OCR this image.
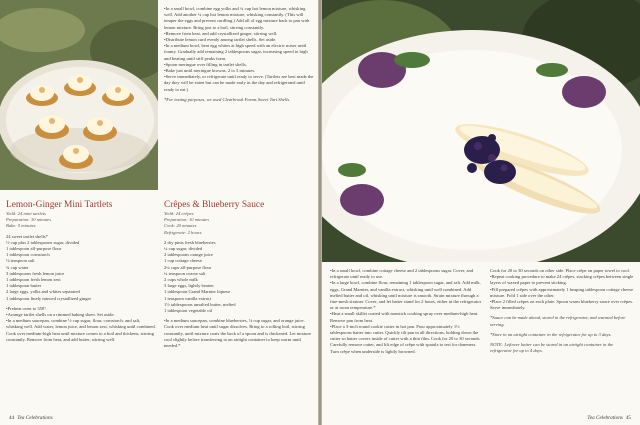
Lemon-Ginger Mini Tartlets

Yield: 24 mini tartlets

Preparation: 30 minutes

Bake: 5 minutes

24 sweet tartlet shells*

½ cup plus 2 tablespoons sugar, divided

1 tablespoon all-purpose flour

1 tablespoon cornstarch

⅛ teaspoon salt

¾ cup water

3 tablespoons fresh lemon juice

1 tablespoon fresh lemon zest

1 tablespoon butter

2 large eggs, yolks and whites separated

1 tablespoon finely minced crystallized ginger

• Preheat oven to 350°.

• Arrange tartlet shells on a rimmed baking sheet. Set aside.

• In a medium saucepan, combine ½ cup sugar, flour, cornstarch, and salt, whisking well. Add water, lemon juice, and lemon zest, whisking until combined. Cook over medium-high heat until mixture comes to a boil and thickens, stirring constantly. Remove from heat, and add butter, stirring well.

• In a small bowl, combine egg yolks and ¼ cup hot lemon mixture, whisking well. Add another ¼ cup hot lemon mixture, whisking constantly. (This will temper the eggs and prevent curdling.) Add all of egg mixture back to pan with lemon mixture. Bring just to a boil, stirring constantly.

• Remove from heat, and add crystallized ginger, stirring well.

• Distribute lemon curd evenly among tartlet shells. Set aside.

• In a medium bowl, beat egg whites at high speed with an electric mixer until foamy. Gradually add remaining 2 tablespoons sugar, increasing speed to high and beating until stiff peaks form.

• Spoon meringue over filling in tartlet shells.

• Bake just until meringue browns, 2 to 3 minutes.

• Serve immediately, or refrigerate until ready to serve. (Tartlets are best made the day they will be eaten but can be made early in the day and refrigerated until ready to eat.)

*For testing purposes, we used Clearbrook Farms Sweet Tart Shells.

Crêpes & Blueberry Sauce

Yield: 24 crêpes

Preparation: 10 minutes

Cook: 20 minutes

Refrigerate: 2 hours

2 dry pints fresh blueberries

¼ cup sugar, divided

2 tablespoons orange juice

1 cup cottage cheese

2¼ cups all-purpose flour

¼ teaspoon coarse salt

2 cups whole milk

3 large eggs, lightly beaten

1 tablespoon Grand Marnier liqueur

1 teaspoon vanilla extract

1½ tablespoons unsalted butter, melted

1 tablespoon vegetable oil

• In a medium saucepan, combine blueberries, ⅛ cup sugar, and orange juice. Cook over medium heat until sugar dissolves. Bring to a rolling boil, stirring constantly, until mixture coats the back of a spoon and is thickened. Let mixture cool slightly before transferring to an airtight container to keep warm until needed.*

44 Tea Celebrations

• In a small bowl, combine cottage cheese and 2 tablespoons sugar. Cover, and refrigerate until ready to use.

• In a large bowl, combine flour, remaining 1 tablespoon sugar, and salt. Add milk, eggs, Grand Marnier, and vanilla extract, whisking until well combined. Add melted butter and oil, whisking until mixture is smooth. Strain mixture through a fine-mesh strainer. Cover, and let batter stand for 2 hours, either in the refrigerator or at room temperature.*

• Heat a small skillet coated with nonstick cooking spray over medium-high heat. Remove pan from heat.

• Place a 3-inch round cookie cutter in hot pan. Pour approximately 1½ tablespoons batter into cutter. Quickly tilt pan in all directions, holding down the cutter so batter covers inside of cutter with a thin film. Cook for 20 to 30 seconds. Carefully remove cutter, and lift edge of crêpe with spatula to test for doneness. Turn crêpe when underside is lightly browned.

Cook for 20 to 30 seconds on other side. Place crêpe on paper towel to cool.

• Repeat cooking procedure to make 24 crêpes, stacking crêpes between single layers of waxed paper to prevent sticking.

• Fill prepared crêpes with approximately 1 heaping tablespoon cottage cheese mixture. Fold 1 side over the other.

• Place 2 filled crêpes on each plate. Spoon warm blueberry sauce over crêpes. Serve immediately.

*Sauce can be made ahead, stored in the refrigerator, and warmed before serving.

*Store in an airtight container in the refrigerator for up to 3 days.

NOTE: Leftover batter can be stored in an airtight container in the refrigerator for up to 4 days.

Tea Celebrations 45
